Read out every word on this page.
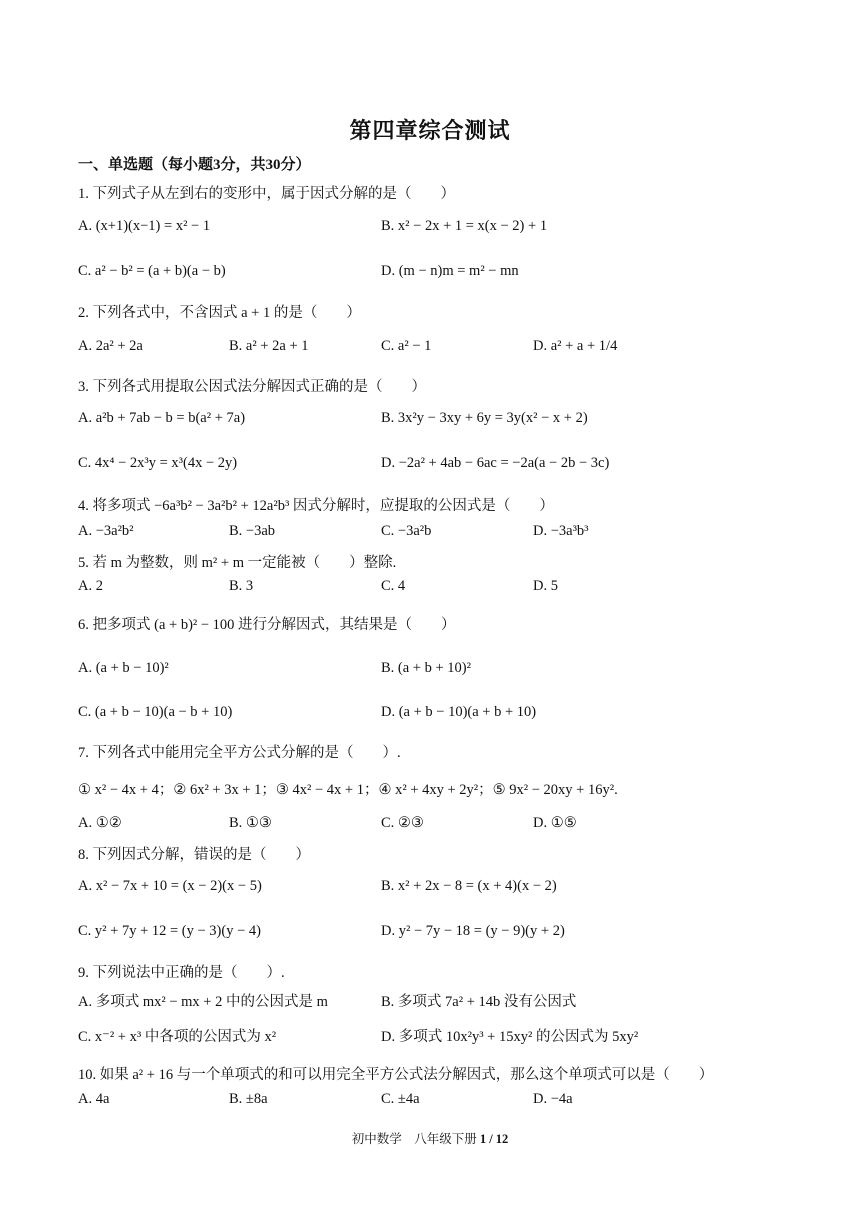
第四章综合测试
一、单选题（每小题3分，共30分）
1. 下列式子从左到右的变形中，属于因式分解的是（　　）
A. (x+1)(x−1) = x² − 1	B. x² − 2x + 1 = x(x − 2) + 1
C. a² − b² = (a + b)(a − b)	D. (m − n)m = m² − mn
2. 下列各式中，不含因式 a + 1 的是（　　）
A. 2a² + 2a	B. a² + 2a + 1	C. a² − 1	D. a² + a + 1/4
3. 下列各式用提取公因式法分解因式正确的是（　　）
A. a²b + 7ab − b = b(a² + 7a)	B. 3x²y − 3xy + 6y = 3y(x² − x + 2)
C. 4x⁴ − 2x³y = x³(4x − 2y)	D. −2a² + 4ab − 6ac = −2a(a − 2b − 3c)
4. 将多项式 −6a³b² − 3a²b² + 12a²b³ 因式分解时，应提取的公因式是（　　）
A. −3a²b²	B. −3ab	C. −3a²b	D. −3a³b³
5. 若 m 为整数，则 m² + m 一定能被（　　）整除.
A. 2	B. 3	C. 4	D. 5
6. 把多项式 (a + b)² − 100 进行分解因式，其结果是（　　）
A. (a + b − 10)²	B. (a + b + 10)²
C. (a + b − 10)(a − b + 10)	D. (a + b − 10)(a + b + 10)
7. 下列各式中能用完全平方公式分解的是（　　）.
① x² − 4x + 4；② 6x² + 3x + 1；③ 4x² − 4x + 1；④ x² + 4xy + 2y²；⑤ 9x² − 20xy + 16y².
A. ①②	B. ①③	C. ②③	D. ①⑤
8. 下列因式分解，错误的是（　　）
A. x² − 7x + 10 = (x − 2)(x − 5)	B. x² + 2x − 8 = (x + 4)(x − 2)
C. y² + 7y + 12 = (y − 3)(y − 4)	D. y² − 7y − 18 = (y − 9)(y + 2)
9. 下列说法中正确的是（　　）.
A. 多项式 mx² − mx + 2 中的公因式是 m	B. 多项式 7a² + 14b 没有公因式
C. x⁻² + x³ 中各项的公因式为 x²	D. 多项式 10x²y³ + 15xy² 的公因式为 5xy²
10. 如果 a² + 16 与一个单项式的和可以用完全平方公式法分解因式，那么这个单项式可以是（　　）
A. 4a	B. ±8a	C. ±4a	D. −4a
初中数学　八年级下册 1 / 12
